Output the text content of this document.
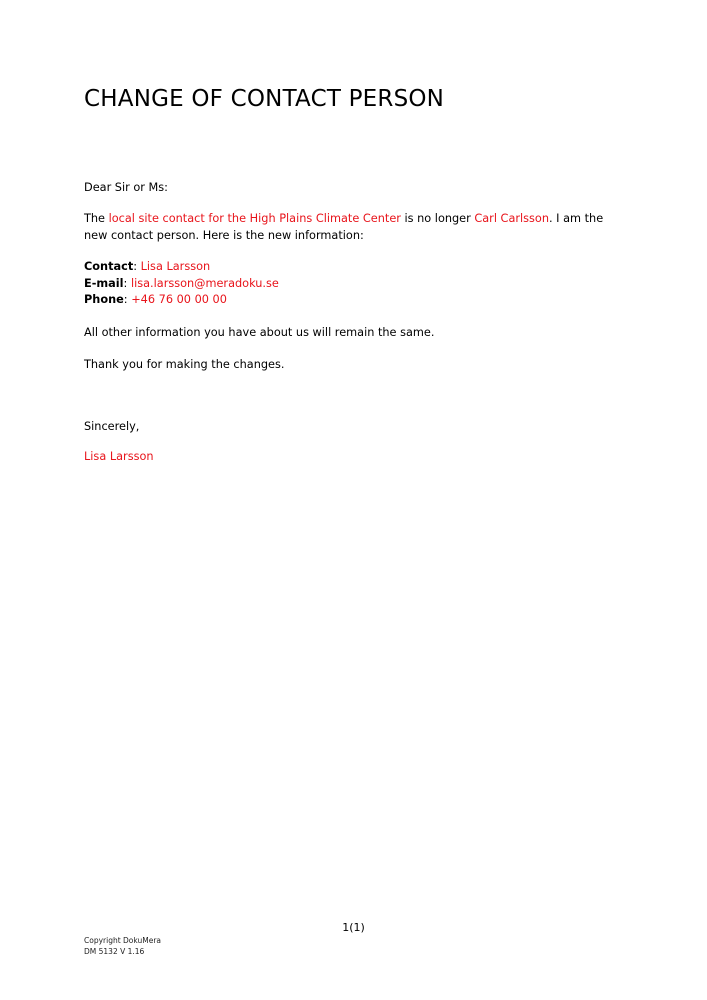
CHANGE OF CONTACT PERSON

Dear Sir or Ms:

The local site contact for the High Plains Climate Center is no longer Carl Carlsson. I am the new contact person. Here is the new information:

Contact: Lisa Larsson
E-mail: lisa.larsson@meradoku.se
Phone: +46 76 00 00 00

All other information you have about us will remain the same.

Thank you for making the changes.

Sincerely,

Lisa Larsson

1(1)
Copyright DokuMera
DM 5132 V 1.16
